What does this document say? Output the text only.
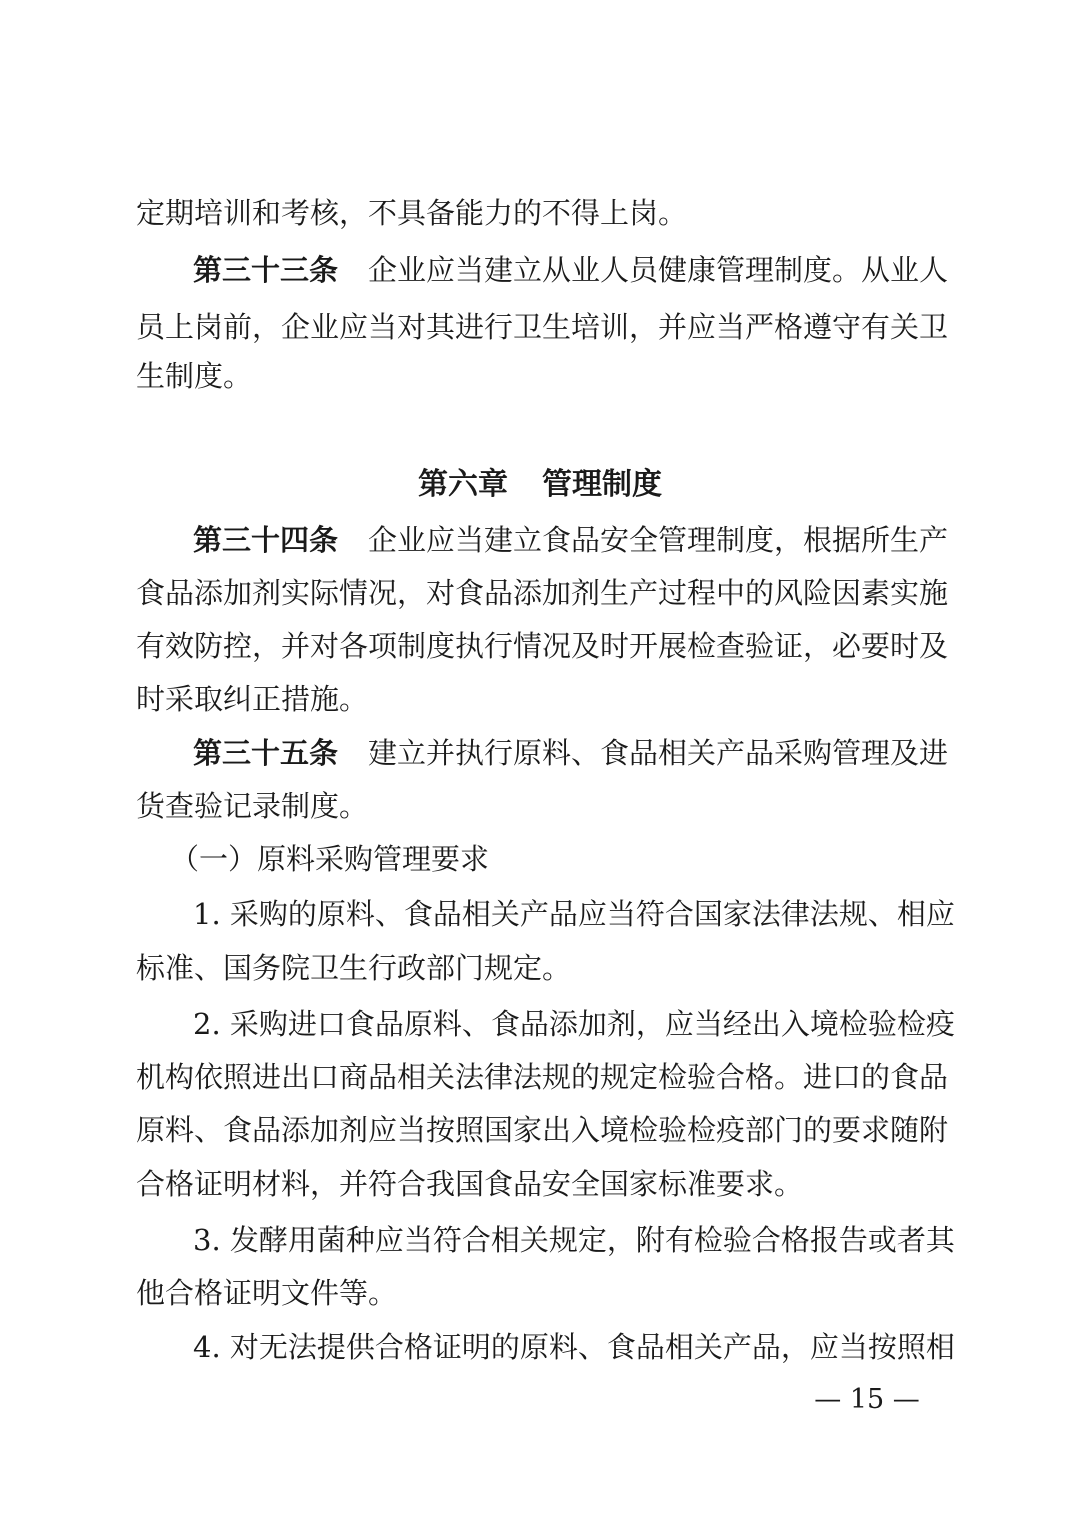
定期培训和考核，不具备能力的不得上岗。
第三十三条 企业应当建立从业人员健康管理制度。从业人
员上岗前，企业应当对其进行卫生培训，并应当严格遵守有关卫
生制度。
第六章 管理制度
第三十四条 企业应当建立食品安全管理制度，根据所生产
食品添加剂实际情况，对食品添加剂生产过程中的风险因素实施
有效防控，并对各项制度执行情况及时开展检查验证，必要时及
时采取纠正措施。
第三十五条 建立并执行原料、食品相关产品采购管理及进
货查验记录制度。
（一）原料采购管理要求
1. 采购的原料、食品相关产品应当符合国家法律法规、相应
标准、国务院卫生行政部门规定。
2. 采购进口食品原料、食品添加剂，应当经出入境检验检疫
机构依照进出口商品相关法律法规的规定检验合格。进口的食品
原料、食品添加剂应当按照国家出入境检验检疫部门的要求随附
合格证明材料，并符合我国食品安全国家标准要求。
3. 发酵用菌种应当符合相关规定，附有检验合格报告或者其
他合格证明文件等。
4. 对无法提供合格证明的原料、食品相关产品，应当按照相
— 15 —
